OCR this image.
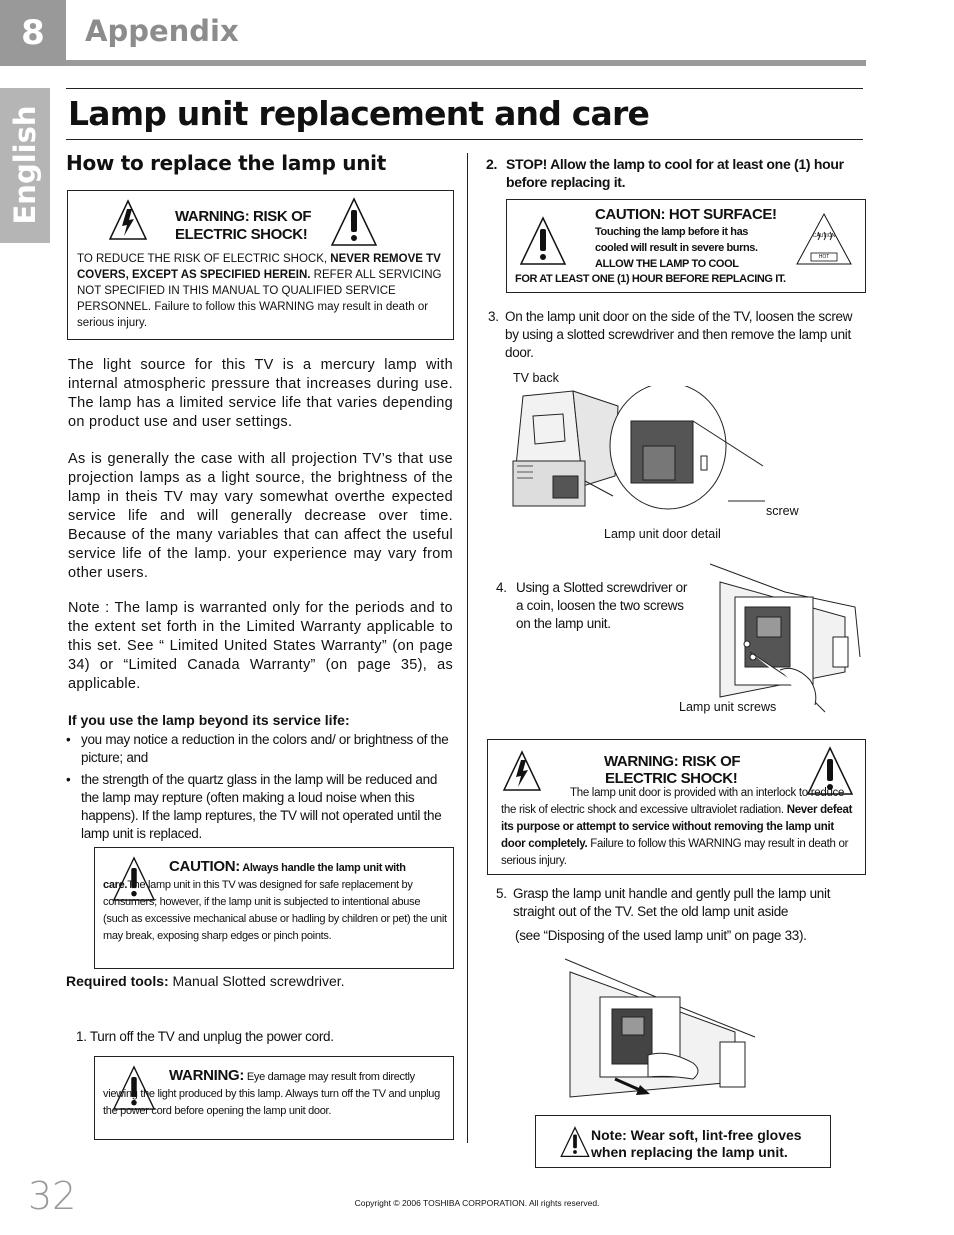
8	Appendix
English Lamp unit replacement and care
How to replace the lamp unit
WARNING: RISK OF
ELECTRIC SHOCK!
TO REDUCE THE RISK OF ELECTRIC SHOCK, NEVER REMOVE TV COVERS, EXCEPT AS SPECIFIED HEREIN. REFER ALL SERVICING NOT SPECIFIED IN THIS MANUAL TO QUALIFIED SERVICE PERSONNEL. Failure to follow this WARNING may result in death or serious injury.
The light source for this TV is a mercury lamp with internal atmospheric pressure that increases during use. The lamp has a limited service life that varies depending on product use and user settings.
As is generally the case with all projection TV’s that use projection lamps as a light source, the brightness of the lamp in theis TV may vary somewhat overthe expected service life and will generally decrease over time. Because of the many variables that can affect the useful service life of the lamp. your experience may vary from other users.
Note : The lamp is warranted only for the periods and to the extent set forth in the Limited Warranty applicable to this set. See “ Limited United States Warranty” (on page 34) or “Limited Canada Warranty” (on page 35), as applicable.
If you use the lamp beyond its service life:
• you may notice a reduction in the colors and/ or brightness of the picture; and
• the strength of the quartz glass in the lamp will be reduced and the lamp may repture (often making a loud noise when this happens). If the lamp reptures, the TV will not operated until the lamp unit is replaced.
CAUTION: Always handle the lamp unit with care.The lamp unit in this TV was designed for safe replacement by consumers; however, if the lamp unit is subjected to intentional abuse (such as excessive mechanical abuse or hadling by children or pet) the unit may break, exposing sharp edges or pinch points.
Required tools: Manual Slotted screwdriver.
1. Turn off the TV and unplug the power cord.
WARNING: Eye damage may result from directly viewing the light produced by this lamp. Always turn off the TV and unplug the power cord before opening the lamp unit door.
2. STOP! Allow the lamp to cool for at least one (1) hour before replacing it.
CAUTION: HOT SURFACE!
Touching the lamp before it has
cooled will result in severe burns.
ALLOW THE LAMP TO COOL
FOR AT LEAST ONE (1) HOUR BEFORE REPLACING IT.
CAUTION
HOT
3. On the lamp unit door on the side of the TV, loosen the screw by using a slotted screwdriver and then remove the lamp unit door.
TV back
screw
Lamp unit door detail
4. Using a Slotted screwdriver or a coin, loosen the two screws on the lamp unit.
Lamp unit screws
WARNING: RISK OF
ELECTRIC SHOCK!
The lamp unit door is provided with an interlock to reduce the risk of electric shock and excessive ultraviolet radiation. Never defeat its purpose or attempt to service without removing the lamp unit door completely. Failure to follow this WARNING may result in death or serious injury.
5. Grasp the lamp unit handle and gently pull the lamp unit straight out of the TV. Set the old lamp unit aside
(see “Disposing of the used lamp unit” on page 33).
Note: Wear soft, lint-free gloves
when replacing the lamp unit.
32	Copyright © 2006 TOSHIBA CORPORATION. All rights reserved.
